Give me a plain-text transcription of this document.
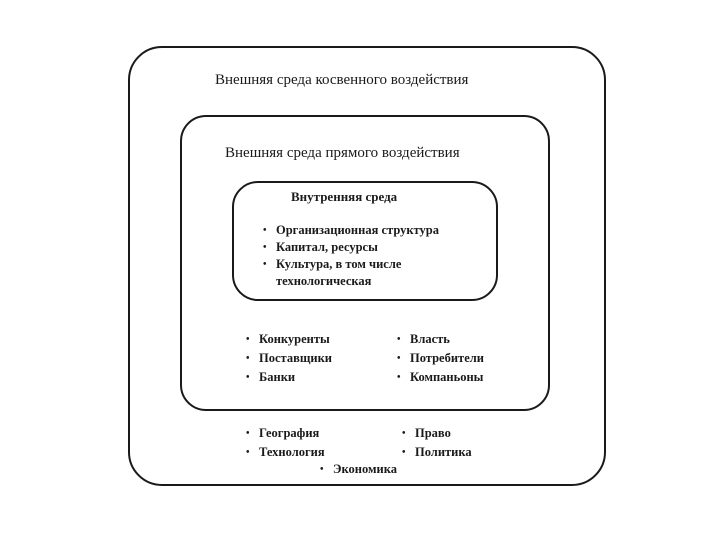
Внешняя среда косвенного воздействия
Внешняя среда прямого воздействия
Внутренняя среда
• Организационная структура
• Капитал, ресурсы
• Культура, в том числе
технологическая
• Конкуренты
• Поставщики
• Банки
• Власть
• Потребители
• Компаньоны
• География
• Технология
• Право
• Политика
• Экономика
